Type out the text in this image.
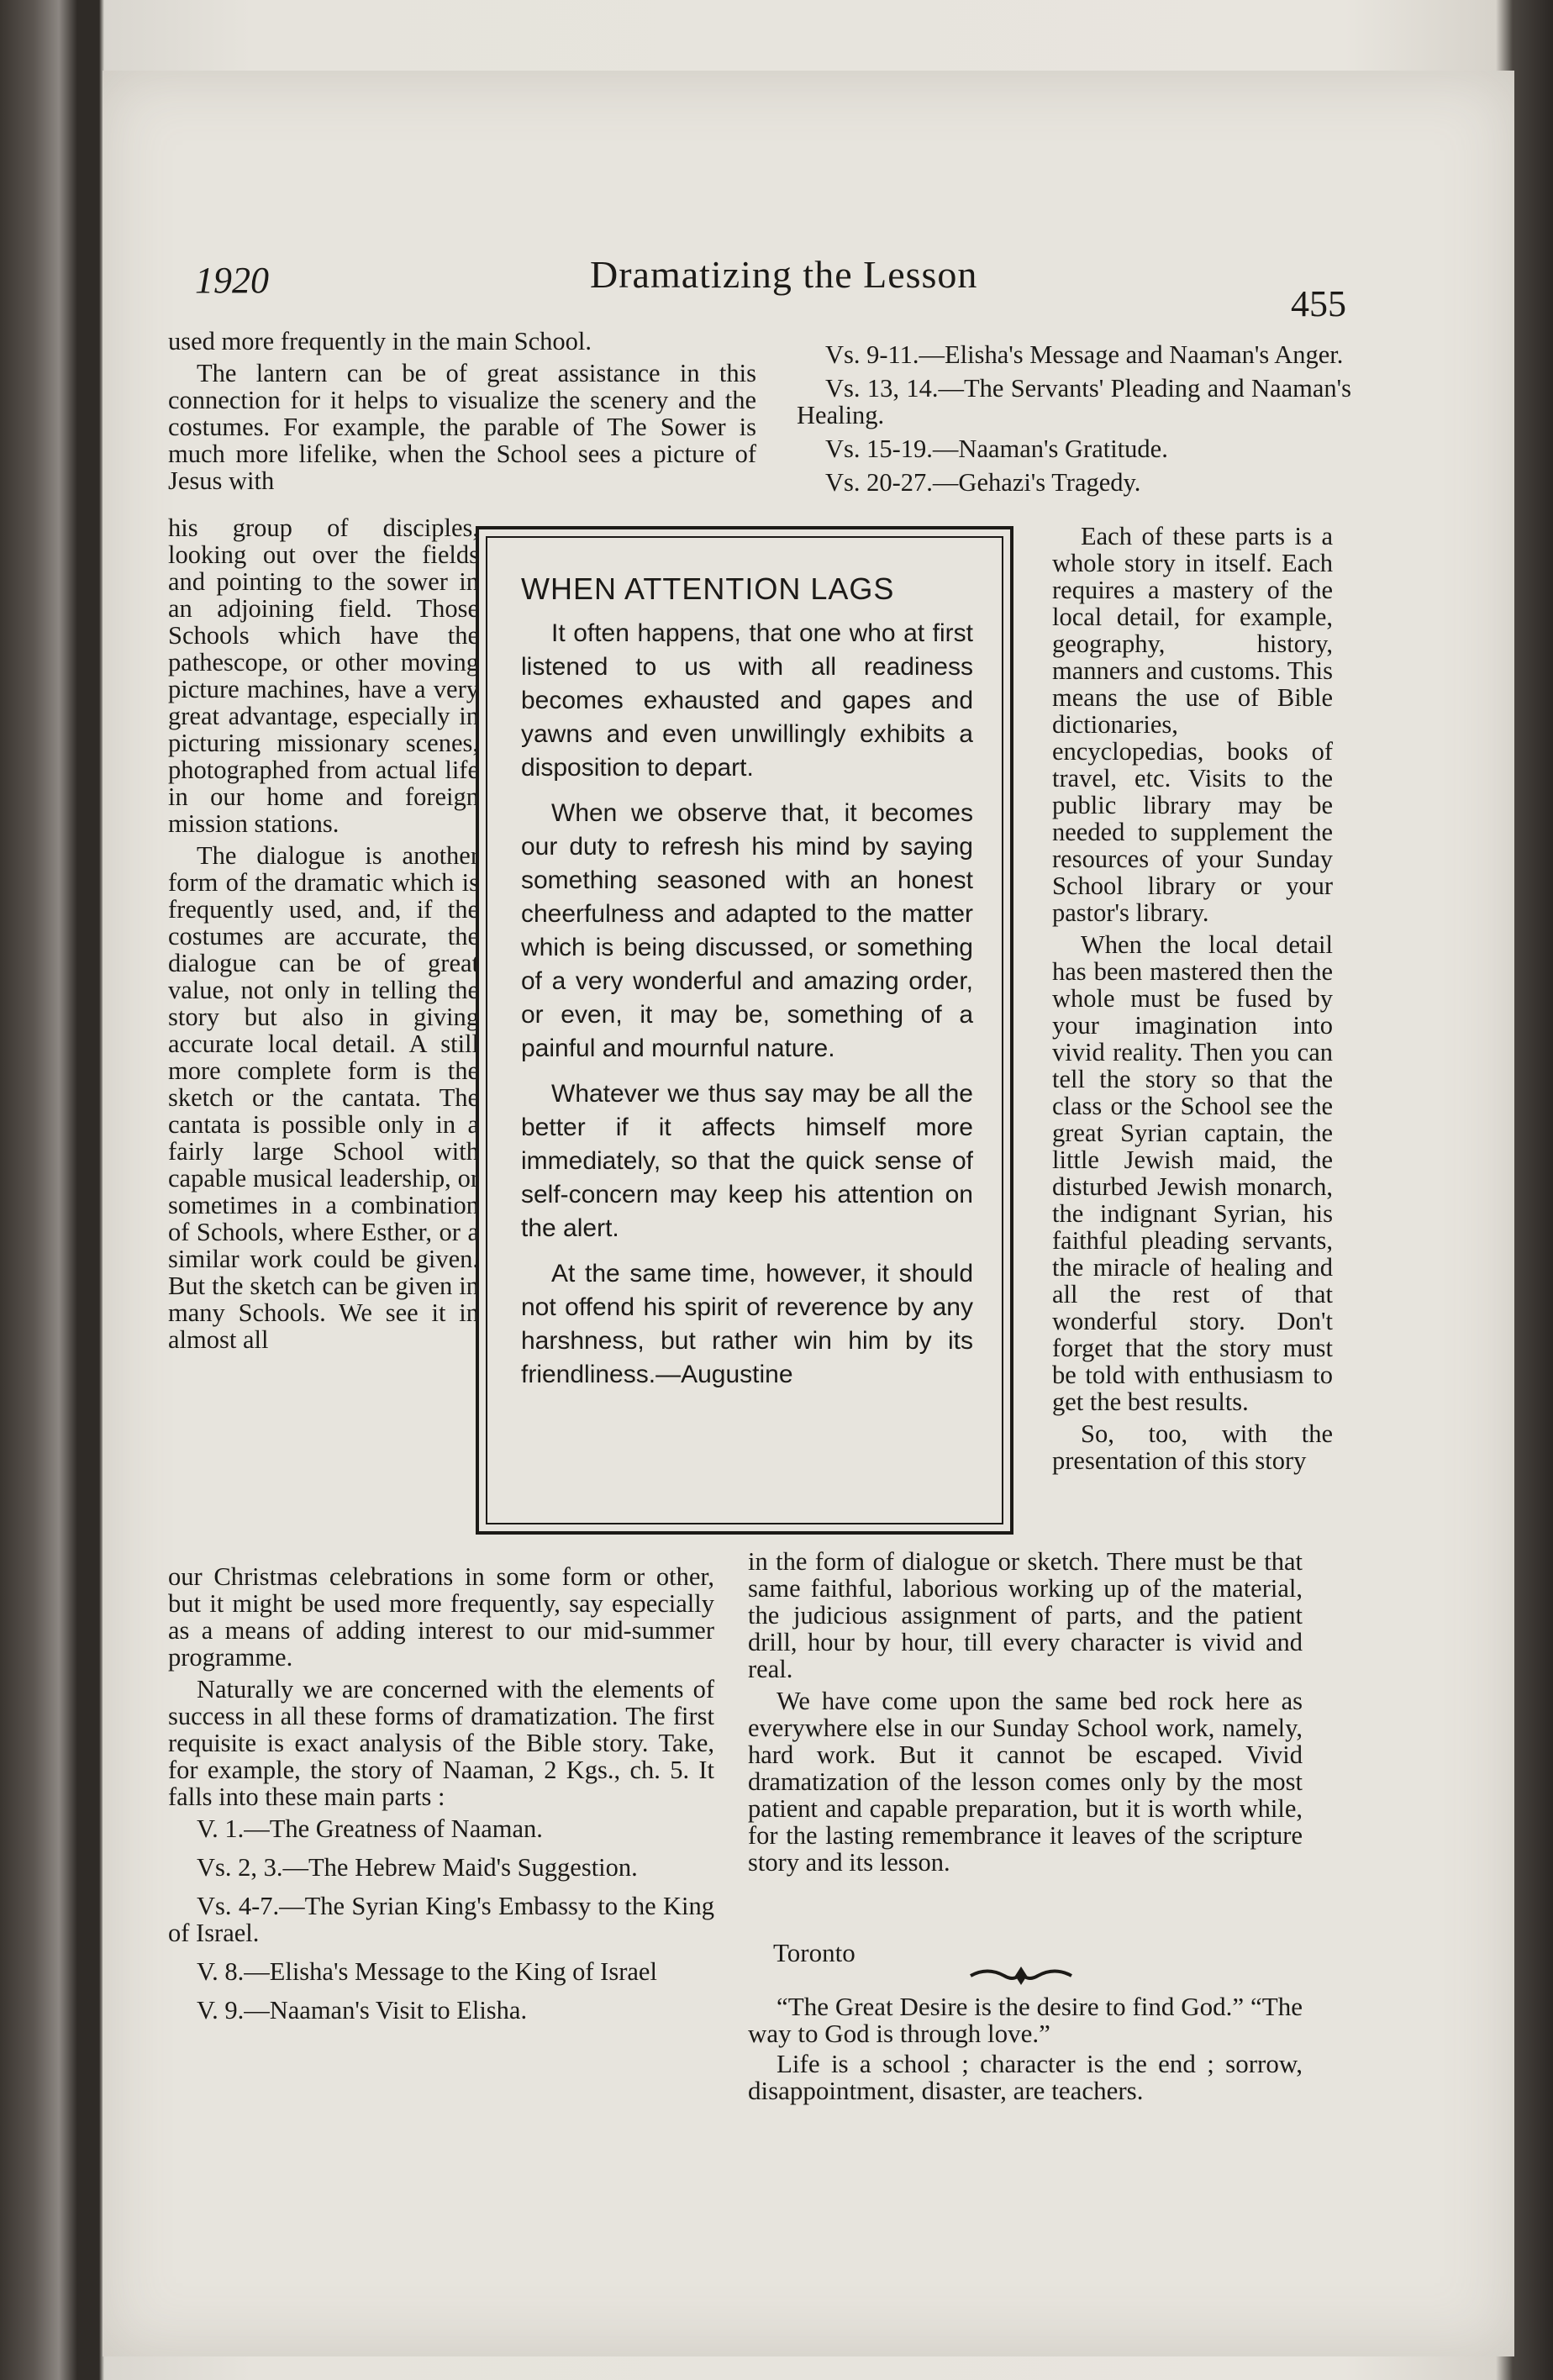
1920	Dramatizing the Lesson
455

used more frequently in the main School.

The lantern can be of great assistance in this connection for it helps to visualize the scenery and the costumes. For example, the parable of The Sower is much more lifelike, when the School sees a picture of Jesus with

his group of disciples, looking out over the fields and pointing to the sower in an adjoining field. Those Schools which have the pathescope, or other moving picture machines, have a very great advantage, especially in picturing missionary scenes, photographed from actual life in our home and foreign mission stations.

The dialogue is another form of the dramatic which is frequently used, and, if the costumes are accurate, the dialogue can be of great value, not only in telling the story but also in giving accurate local detail. A still more complete form is the sketch or the cantata. The cantata is possible only in a fairly large School with capable musical leadership, or sometimes in a combination of Schools, where Esther, or a similar work could be given. But the sketch can be given in many Schools. We see it in almost all

WHEN ATTENTION LAGS

It often happens, that one who at first listened to us with all readiness becomes exhausted and gapes and yawns and even unwillingly exhibits a disposition to depart.

When we observe that, it becomes our duty to refresh his mind by saying something seasoned with an honest cheerfulness and adapted to the matter which is being discussed, or something of a very wonderful and amazing order, or even, it may be, something of a painful and mournful nature.

Whatever we thus say may be all the better if it affects himself more immediately, so that the quick sense of self-concern may keep his attention on the alert.

At the same time, however, it should not offend his spirit of reverence by any harshness, but rather win him by its friendliness.—Augustine

Vs. 9-11.—Elisha's Message and Naaman's Anger.

Vs. 13, 14.—The Servants' Pleading and Naaman's Healing.

Vs. 15-19.—Naaman's Gratitude.

Vs. 20-27.—Gehazi's Tragedy.

Each of these parts is a whole story in itself. Each requires a mastery of the local detail, for example, geography, history, manners and customs. This means the use of Bible dictionaries, encyclopedias, books of travel, etc. Visits to the public library may be needed to supplement the resources of your Sunday School library or your pastor's library.

When the local detail has been mastered then the whole must be fused by your imagination into vivid reality. Then you can tell the story so that the class or the School see the great Syrian captain, the little Jewish maid, the disturbed Jewish monarch, the indignant Syrian, his faithful pleading servants, the miracle of healing and all the rest of that wonderful story. Don't forget that the story must be told with enthusiasm to get the best results.

So, too, with the presentation of this story

our Christmas celebrations in some form or other, but it might be used more frequently, say especially as a means of adding interest to our mid-summer programme.

Naturally we are concerned with the elements of success in all these forms of dramatization. The first requisite is exact analysis of the Bible story. Take, for example, the story of Naaman, 2 Kgs., ch. 5. It falls into these main parts :

V. 1.—The Greatness of Naaman.

Vs. 2, 3.—The Hebrew Maid's Suggestion.

Vs. 4-7.—The Syrian King's Embassy to the King of Israel.

V. 8.—Elisha's Message to the King of Israel

V. 9.—Naaman's Visit to Elisha.

in the form of dialogue or sketch. There must be that same faithful, laborious working up of the material, the judicious assignment of parts, and the patient drill, hour by hour, till every character is vivid and real.

We have come upon the same bed rock here as everywhere else in our Sunday School work, namely, hard work. But it cannot be escaped. Vivid dramatization of the lesson comes only by the most patient and capable preparation, but it is worth while, for the lasting remembrance it leaves of the scripture story and its lesson.

Toronto

“The Great Desire is the desire to find God.” “The way to God is through love.”

Life is a school ; character is the end ; sorrow, disappointment, disaster, are teachers.
